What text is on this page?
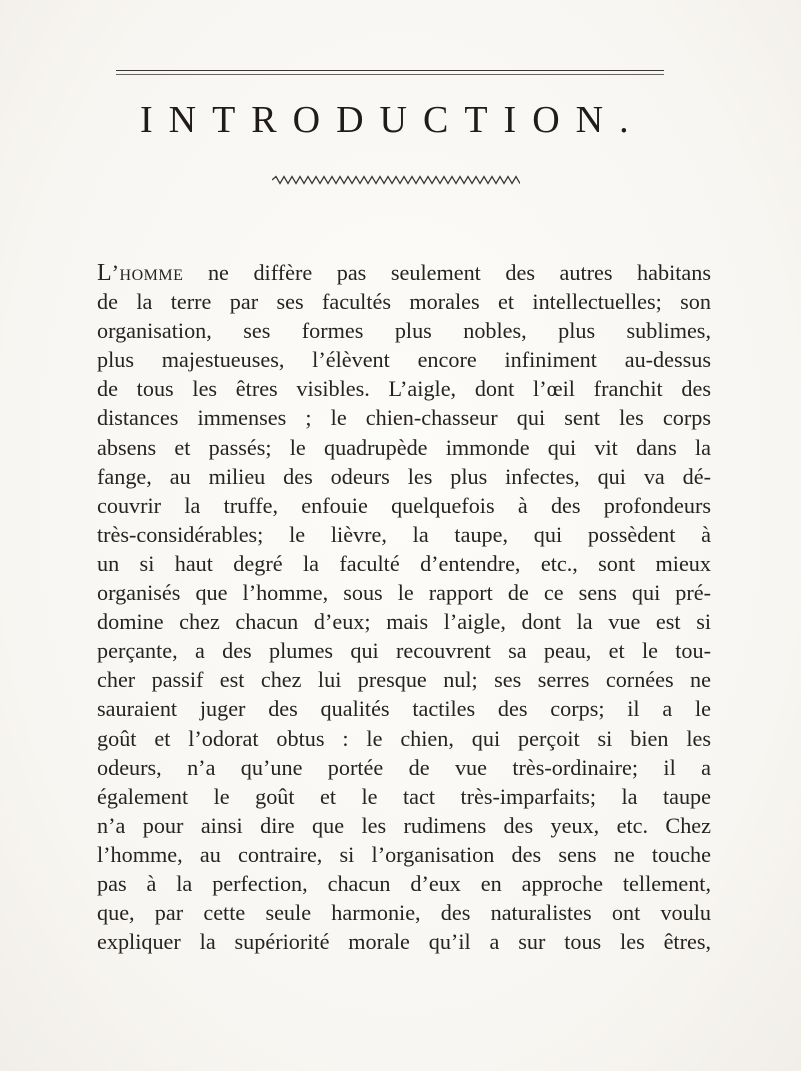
INTRODUCTION.
L’homme ne diffère pas seulement des autres habitans
de la terre par ses facultés morales et intellectuelles; son
organisation, ses formes plus nobles, plus sublimes,
plus majestueuses, l’élèvent encore infiniment au-dessus
de tous les êtres visibles. L’aigle, dont l’œil franchit des
distances immenses ; le chien-chasseur qui sent les corps
absens et passés; le quadrupède immonde qui vit dans la
fange, au milieu des odeurs les plus infectes, qui va dé-
couvrir la truffe, enfouie quelquefois à des profondeurs
très-considérables; le lièvre, la taupe, qui possèdent à
un si haut degré la faculté d’entendre, etc., sont mieux
organisés que l’homme, sous le rapport de ce sens qui pré-
domine chez chacun d’eux; mais l’aigle, dont la vue est si
perçante, a des plumes qui recouvrent sa peau, et le tou-
cher passif est chez lui presque nul; ses serres cornées ne
sauraient juger des qualités tactiles des corps; il a le
goût et l’odorat obtus : le chien, qui perçoit si bien les
odeurs, n’a qu’une portée de vue très-ordinaire; il a
également le goût et le tact très-imparfaits; la taupe
n’a pour ainsi dire que les rudimens des yeux, etc. Chez
l’homme, au contraire, si l’organisation des sens ne touche
pas à la perfection, chacun d’eux en approche tellement,
que, par cette seule harmonie, des naturalistes ont voulu
expliquer la supériorité morale qu’il a sur tous les êtres,
